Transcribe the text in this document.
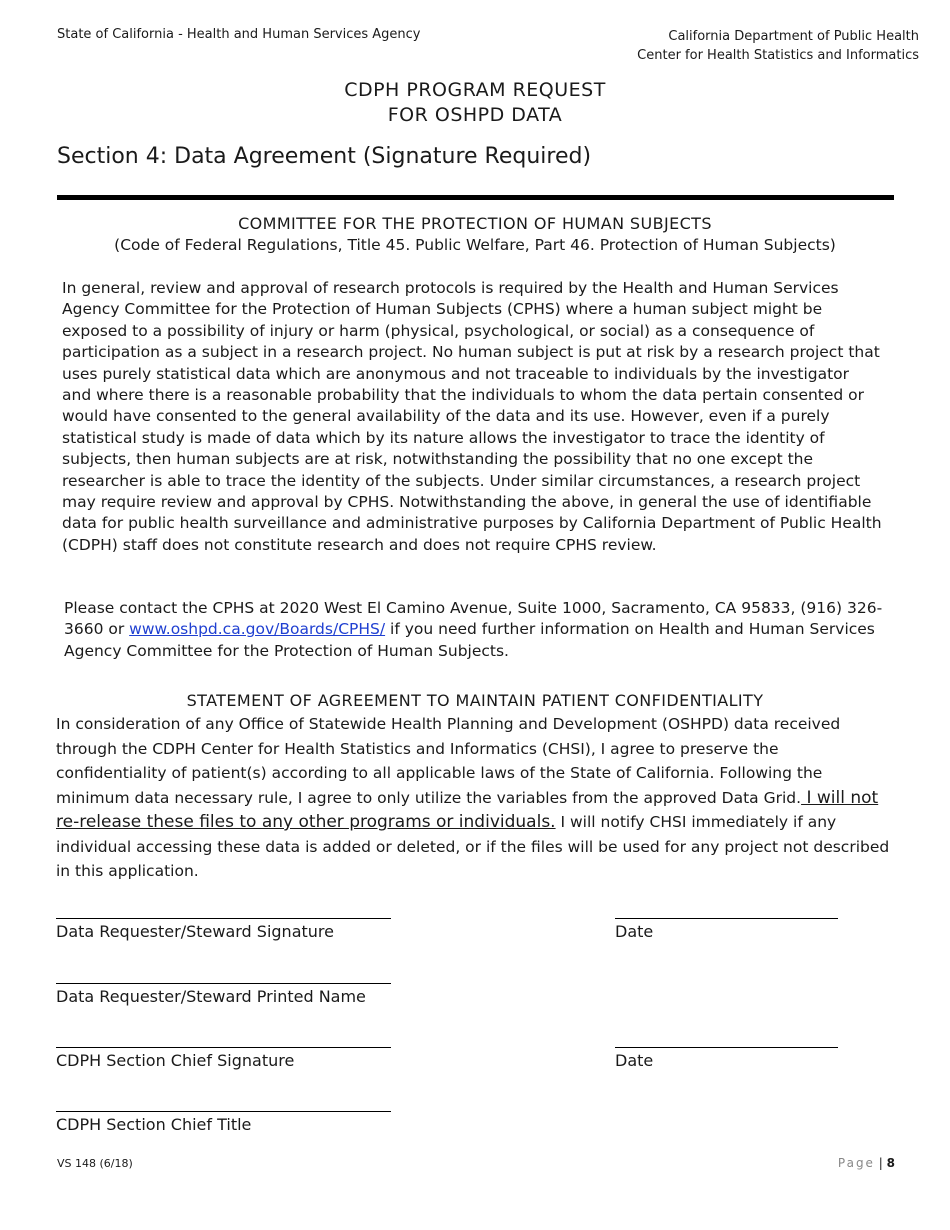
State of California - Health and Human Services Agency	California Department of Public Health
Center for Health Statistics and Informatics
CDPH PROGRAM REQUEST
FOR OSHPD DATA
Section 4: Data Agreement (Signature Required)
COMMITTEE FOR THE PROTECTION OF HUMAN SUBJECTS
(Code of Federal Regulations, Title 45. Public Welfare, Part 46. Protection of Human Subjects)
In general, review and approval of research protocols is required by the Health and Human Services Agency Committee for the Protection of Human Subjects (CPHS) where a human subject might be exposed to a possibility of injury or harm (physical, psychological, or social) as a consequence of participation as a subject in a research project. No human subject is put at risk by a research project that uses purely statistical data which are anonymous and not traceable to individuals by the investigator and where there is a reasonable probability that the individuals to whom the data pertain consented or would have consented to the general availability of the data and its use. However, even if a purely statistical study is made of data which by its nature allows the investigator to trace the identity of subjects, then human subjects are at risk, notwithstanding the possibility that no one except the researcher is able to trace the identity of the subjects. Under similar circumstances, a research project may require review and approval by CPHS. Notwithstanding the above, in general the use of identifiable data for public health surveillance and administrative purposes by California Department of Public Health (CDPH) staff does not constitute research and does not require CPHS review.
Please contact the CPHS at 2020 West El Camino Avenue, Suite 1000, Sacramento, CA 95833, (916) 326-3660 or www.oshpd.ca.gov/Boards/CPHS/ if you need further information on Health and Human Services Agency Committee for the Protection of Human Subjects.
STATEMENT OF AGREEMENT TO MAINTAIN PATIENT CONFIDENTIALITY
In consideration of any Office of Statewide Health Planning and Development (OSHPD) data received through the CDPH Center for Health Statistics and Informatics (CHSI), I agree to preserve the confidentiality of patient(s) according to all applicable laws of the State of California. Following the minimum data necessary rule, I agree to only utilize the variables from the approved Data Grid. I will not re-release these files to any other programs or individuals. I will notify CHSI immediately if any individual accessing these data is added or deleted, or if the files will be used for any project not described in this application.
Data Requester/Steward Signature	Date
Data Requester/Steward Printed Name
CDPH Section Chief Signature	Date
CDPH Section Chief Title
VS 148 (6/18)	Page | 8
